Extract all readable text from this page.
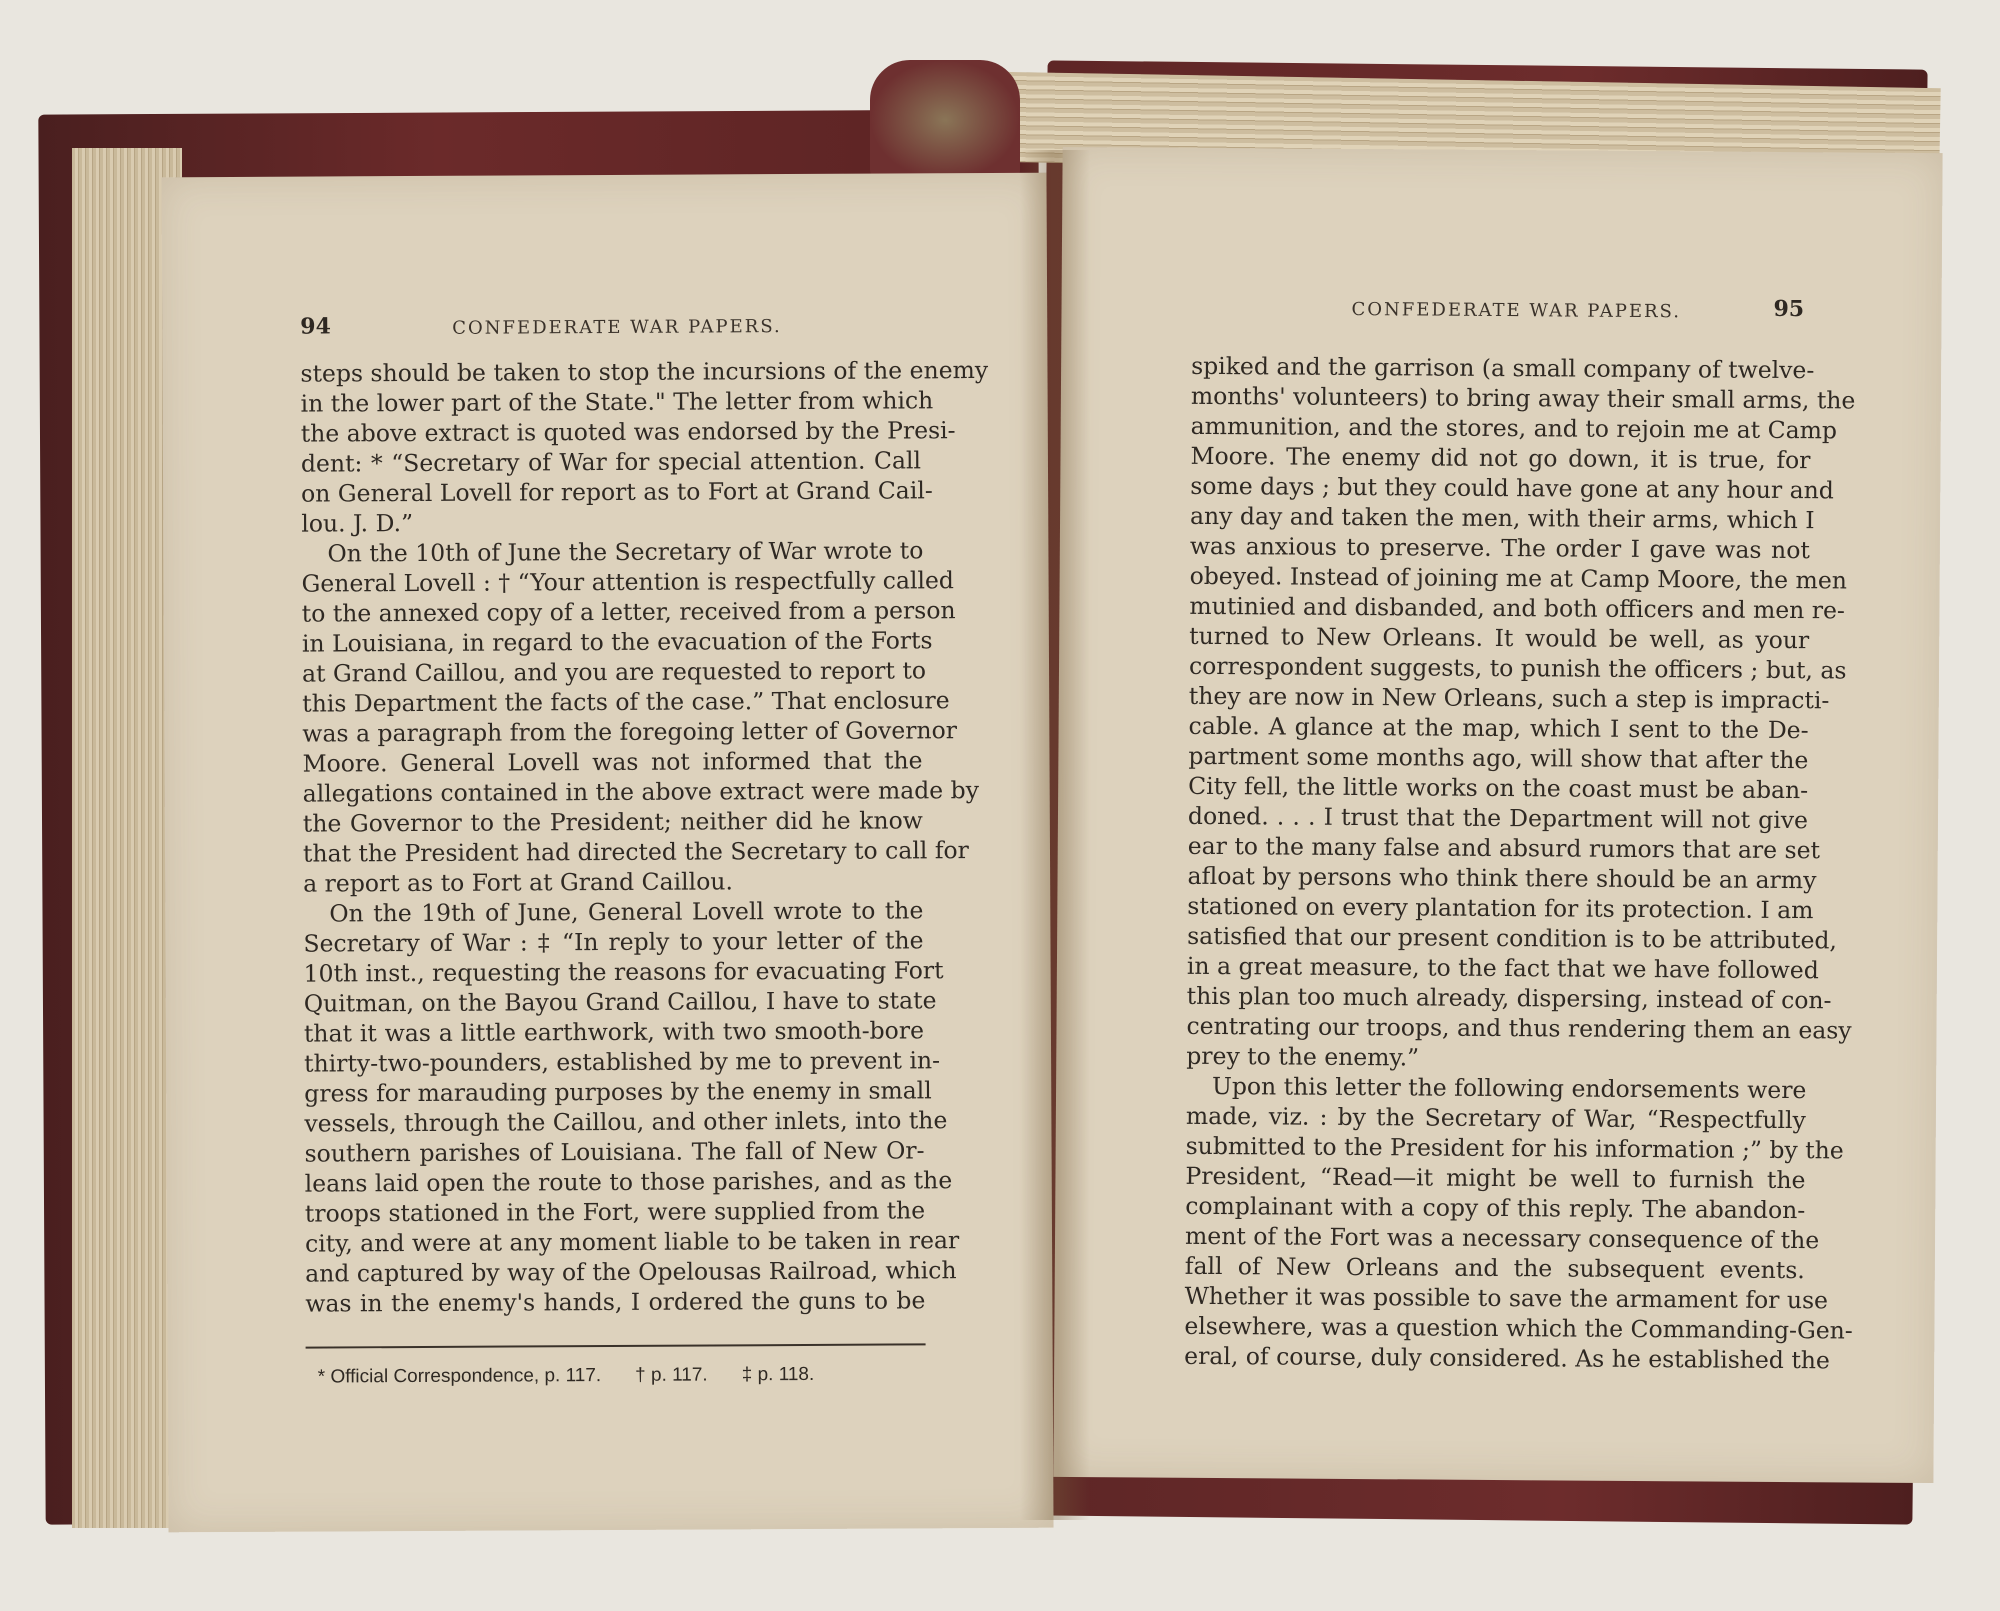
94	CONFEDERATE WAR PAPERS.
steps should be taken to stop the incursions of the enemy
in the lower part of the State." The letter from which
the above extract is quoted was endorsed by the Presi-
dent: * “Secretary of War for special attention. Call
on General Lovell for report as to Fort at Grand Cail-
lou. J. D.”
On the 10th of June the Secretary of War wrote to
General Lovell : † “Your attention is respectfully called
to the annexed copy of a letter, received from a person
in Louisiana, in regard to the evacuation of the Forts
at Grand Caillou, and you are requested to report to
this Department the facts of the case.” That enclosure
was a paragraph from the foregoing letter of Governor
Moore. General Lovell was not informed that the
allegations contained in the above extract were made by
the Governor to the President; neither did he know
that the President had directed the Secretary to call for
a report as to Fort at Grand Caillou.
On the 19th of June, General Lovell wrote to the
Secretary of War : ‡ “In reply to your letter of the
10th inst., requesting the reasons for evacuating Fort
Quitman, on the Bayou Grand Caillou, I have to state
that it was a little earthwork, with two smooth-bore
thirty-two-pounders, established by me to prevent in-
gress for marauding purposes by the enemy in small
vessels, through the Caillou, and other inlets, into the
southern parishes of Louisiana. The fall of New Or-
leans laid open the route to those parishes, and as the
troops stationed in the Fort, were supplied from the
city, and were at any moment liable to be taken in rear
and captured by way of the Opelousas Railroad, which
was in the enemy's hands, I ordered the guns to be
* Official Correspondence, p. 117. † p. 117. ‡ p. 118.
CONFEDERATE WAR PAPERS.	95
spiked and the garrison (a small company of twelve-
months' volunteers) to bring away their small arms, the
ammunition, and the stores, and to rejoin me at Camp
Moore. The enemy did not go down, it is true, for
some days ; but they could have gone at any hour and
any day and taken the men, with their arms, which I
was anxious to preserve. The order I gave was not
obeyed. Instead of joining me at Camp Moore, the men
mutinied and disbanded, and both officers and men re-
turned to New Orleans. It would be well, as your
correspondent suggests, to punish the officers ; but, as
they are now in New Orleans, such a step is impracti-
cable. A glance at the map, which I sent to the De-
partment some months ago, will show that after the
City fell, the little works on the coast must be aban-
doned. . . . I trust that the Department will not give
ear to the many false and absurd rumors that are set
afloat by persons who think there should be an army
stationed on every plantation for its protection. I am
satisfied that our present condition is to be attributed,
in a great measure, to the fact that we have followed
this plan too much already, dispersing, instead of con-
centrating our troops, and thus rendering them an easy
prey to the enemy.”
Upon this letter the following endorsements were
made, viz. : by the Secretary of War, “Respectfully
submitted to the President for his information ;” by the
President, “Read—it might be well to furnish the
complainant with a copy of this reply. The abandon-
ment of the Fort was a necessary consequence of the
fall of New Orleans and the subsequent events.
Whether it was possible to save the armament for use
elsewhere, was a question which the Commanding-Gen-
eral, of course, duly considered. As he established the
